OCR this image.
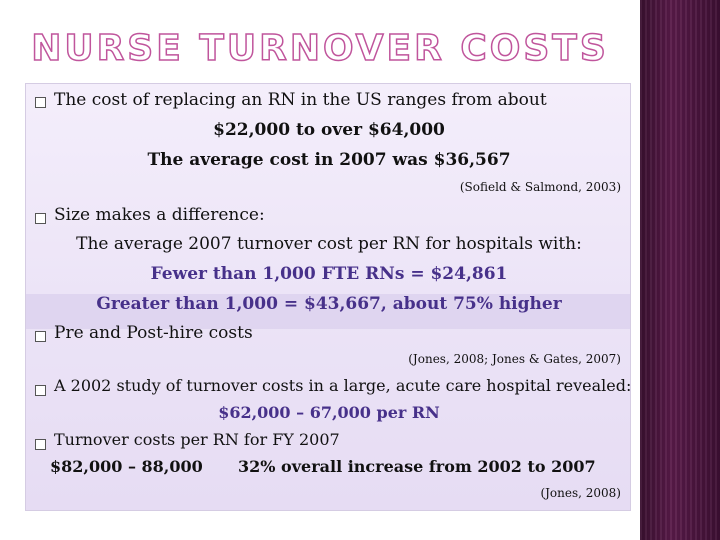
NURSE TURNOVER COSTS
The cost of replacing an RN in the US ranges from about
$22,000 to over $64,000
The average cost in 2007 was $36,567
(Sofield & Salmond, 2003)
Size makes a difference:
The average 2007 turnover cost per RN for hospitals with:
Fewer than 1,000 FTE RNs = $24,861
Greater than 1,000 = $43,667, about 75% higher
Pre and Post-hire costs
(Jones, 2008; Jones & Gates, 2007)
A 2002 study of turnover costs in a large, acute care hospital revealed:
$62,000 – 67,000 per RN
Turnover costs per RN for FY 2007
$82,000 – 88,000 32% overall increase from 2002 to 2007
(Jones, 2008)
